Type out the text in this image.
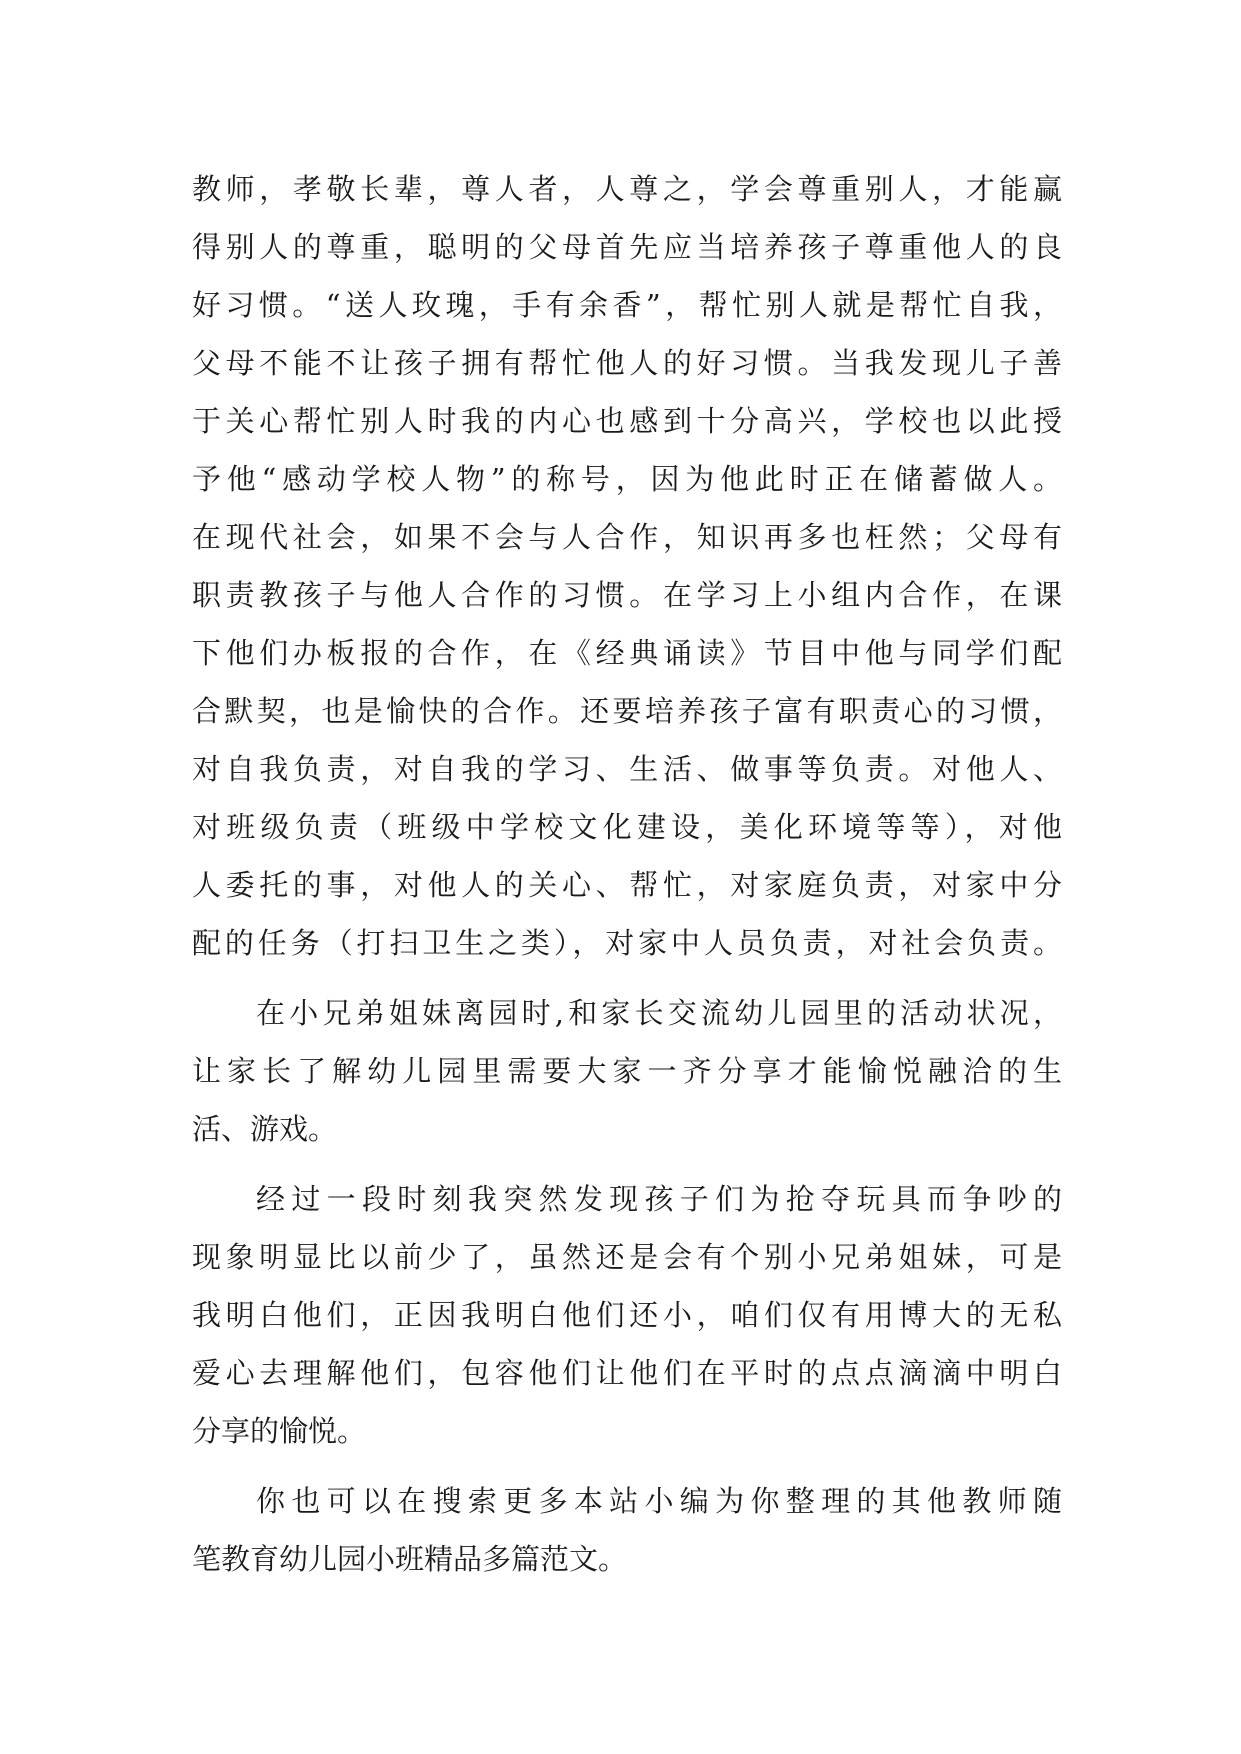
教师，孝敬长辈，尊人者，人尊之，学会尊重别人，才能赢
得别人的尊重，聪明的父母首先应当培养孩子尊重他人的良
好习惯。“送人玫瑰，手有余香”，帮忙别人就是帮忙自我，
父母不能不让孩子拥有帮忙他人的好习惯。当我发现儿子善
于关心帮忙别人时我的内心也感到十分高兴，学校也以此授
予他“感动学校人物”的称号，因为他此时正在储蓄做人。
在现代社会，如果不会与人合作，知识再多也枉然；父母有
职责教孩子与他人合作的习惯。在学习上小组内合作，在课
下他们办板报的合作，在《经典诵读》节目中他与同学们配
合默契，也是愉快的合作。还要培养孩子富有职责心的习惯，
对自我负责，对自我的学习、生活、做事等负责。对他人、
对班级负责（班级中学校文化建设，美化环境等等），对他
人委托的事，对他人的关心、帮忙，对家庭负责，对家中分
配的任务（打扫卫生之类），对家中人员负责，对社会负责。
在小兄弟姐妹离园时,和家长交流幼儿园里的活动状况，
让家长了解幼儿园里需要大家一齐分享才能愉悦融洽的生
活、游戏。
经过一段时刻我突然发现孩子们为抢夺玩具而争吵的
现象明显比以前少了，虽然还是会有个别小兄弟姐妹，可是
我明白他们，正因我明白他们还小，咱们仅有用博大的无私
爱心去理解他们，包容他们让他们在平时的点点滴滴中明白
分享的愉悦。
你也可以在搜索更多本站小编为你整理的其他教师随
笔教育幼儿园小班精品多篇范文。
